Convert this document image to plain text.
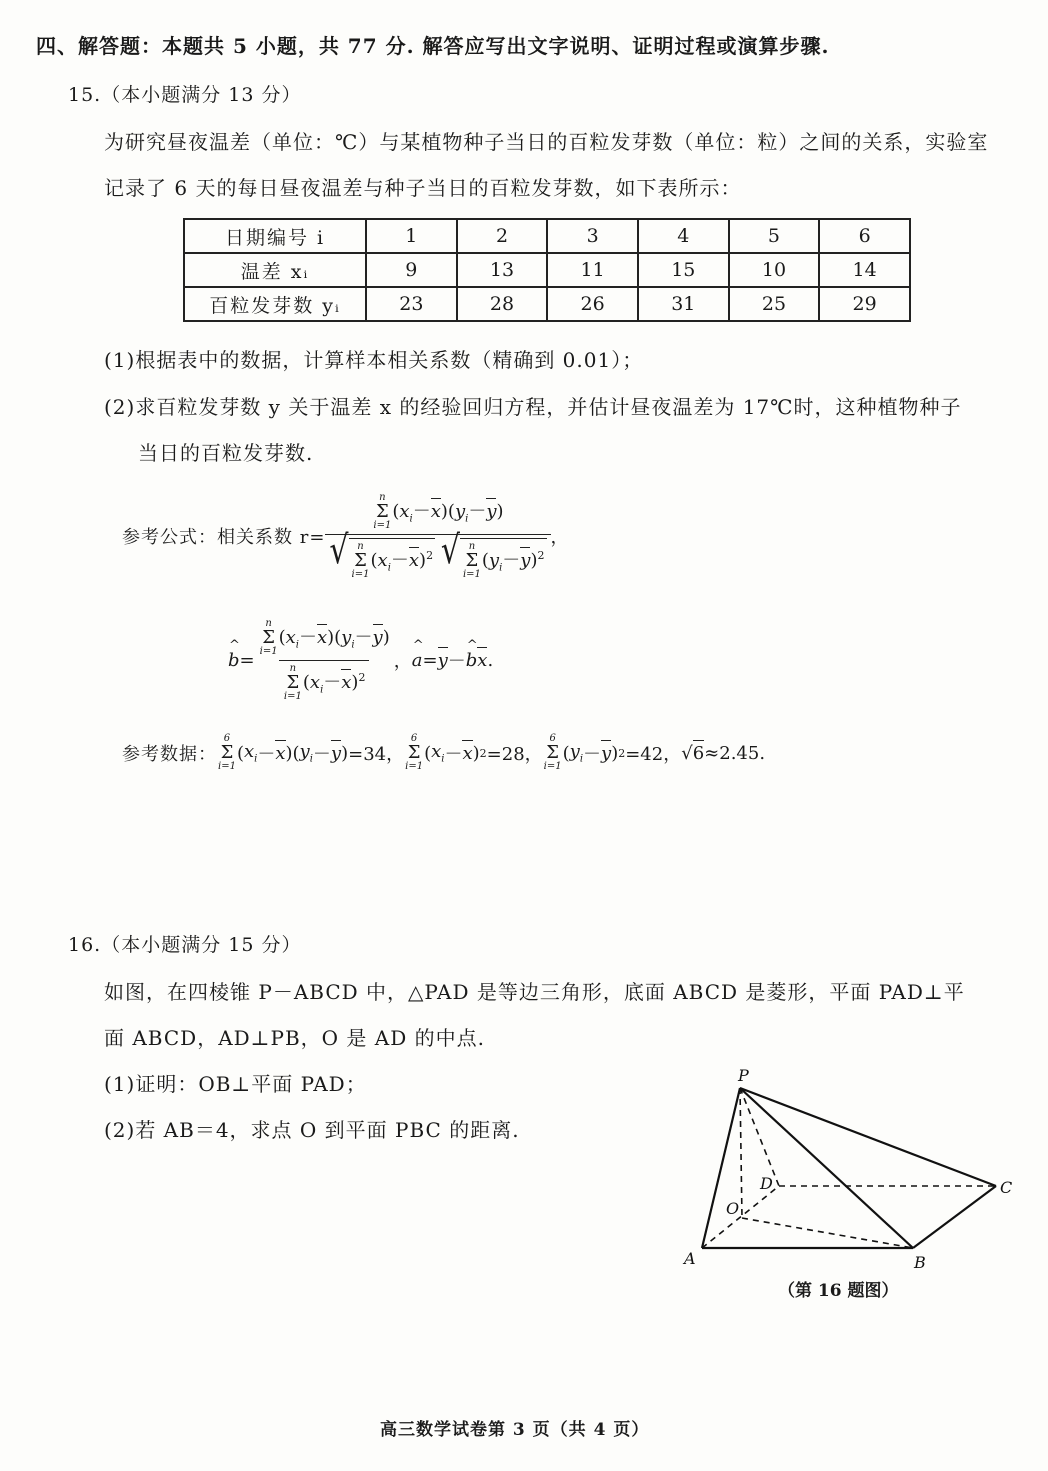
四、解答题：本题共 5 小题，共 77 分. 解答应写出文字说明、证明过程或演算步骤.
15.（本小题满分 13 分）
为研究昼夜温差（单位：℃）与某植物种子当日的百粒发芽数（单位：粒）之间的关系，实验室
记录了 6 天的每日昼夜温差与种子当日的百粒发芽数，如下表所示：
日期编号 i	1	2	3	4	5	6
温差 xᵢ	9	13	11	15	10	14
百粒发芽数 yᵢ	23	28	26	31	25	29
(1)根据表中的数据，计算样本相关系数（精确到 0.01）；
(2)求百粒发芽数 y 关于温差 x 的经验回归方程，并估计昼夜温差为 17℃时，这种植物种子
当日的百粒发芽数.
参考公式：相关系数 r= n
Σ
i=1
$(x_i-x)(y_i-y)$
√ n
Σ
i=1
$(x_i-x)^2$
√ n
Σ
i=1
$(y_i-y)^2$ ，
^ b = n
Σ
i=1
$(x_i-x)(y_i-y)$
n
Σ
i=1
$(x_i-x)^2$ ， ^ a = y － ^ b x .
参考数据：
6
Σ
i=1
( $x_i - x$ )( $y_i - y$ ) =34，
6
Σ
i=1
( $x_i - x$ ) 2 =28，
6
Σ
i=1
( $y_i - y$ ) 2 =42， √6 ≈2.45.
16.（本小题满分 15 分）
如图，在四棱锥 P－ABCD 中，△PAD 是等边三角形，底面 ABCD 是菱形，平面 PAD⊥平
面 ABCD，AD⊥PB，O 是 AD 的中点.
(1)证明：OB⊥平面 PAD；
(2)若 AB＝4，求点 O 到平面 PBC 的距离.
P
A	B
C
D
O
（第 16 题图）
高三数学试卷第 3 页（共 4 页）
